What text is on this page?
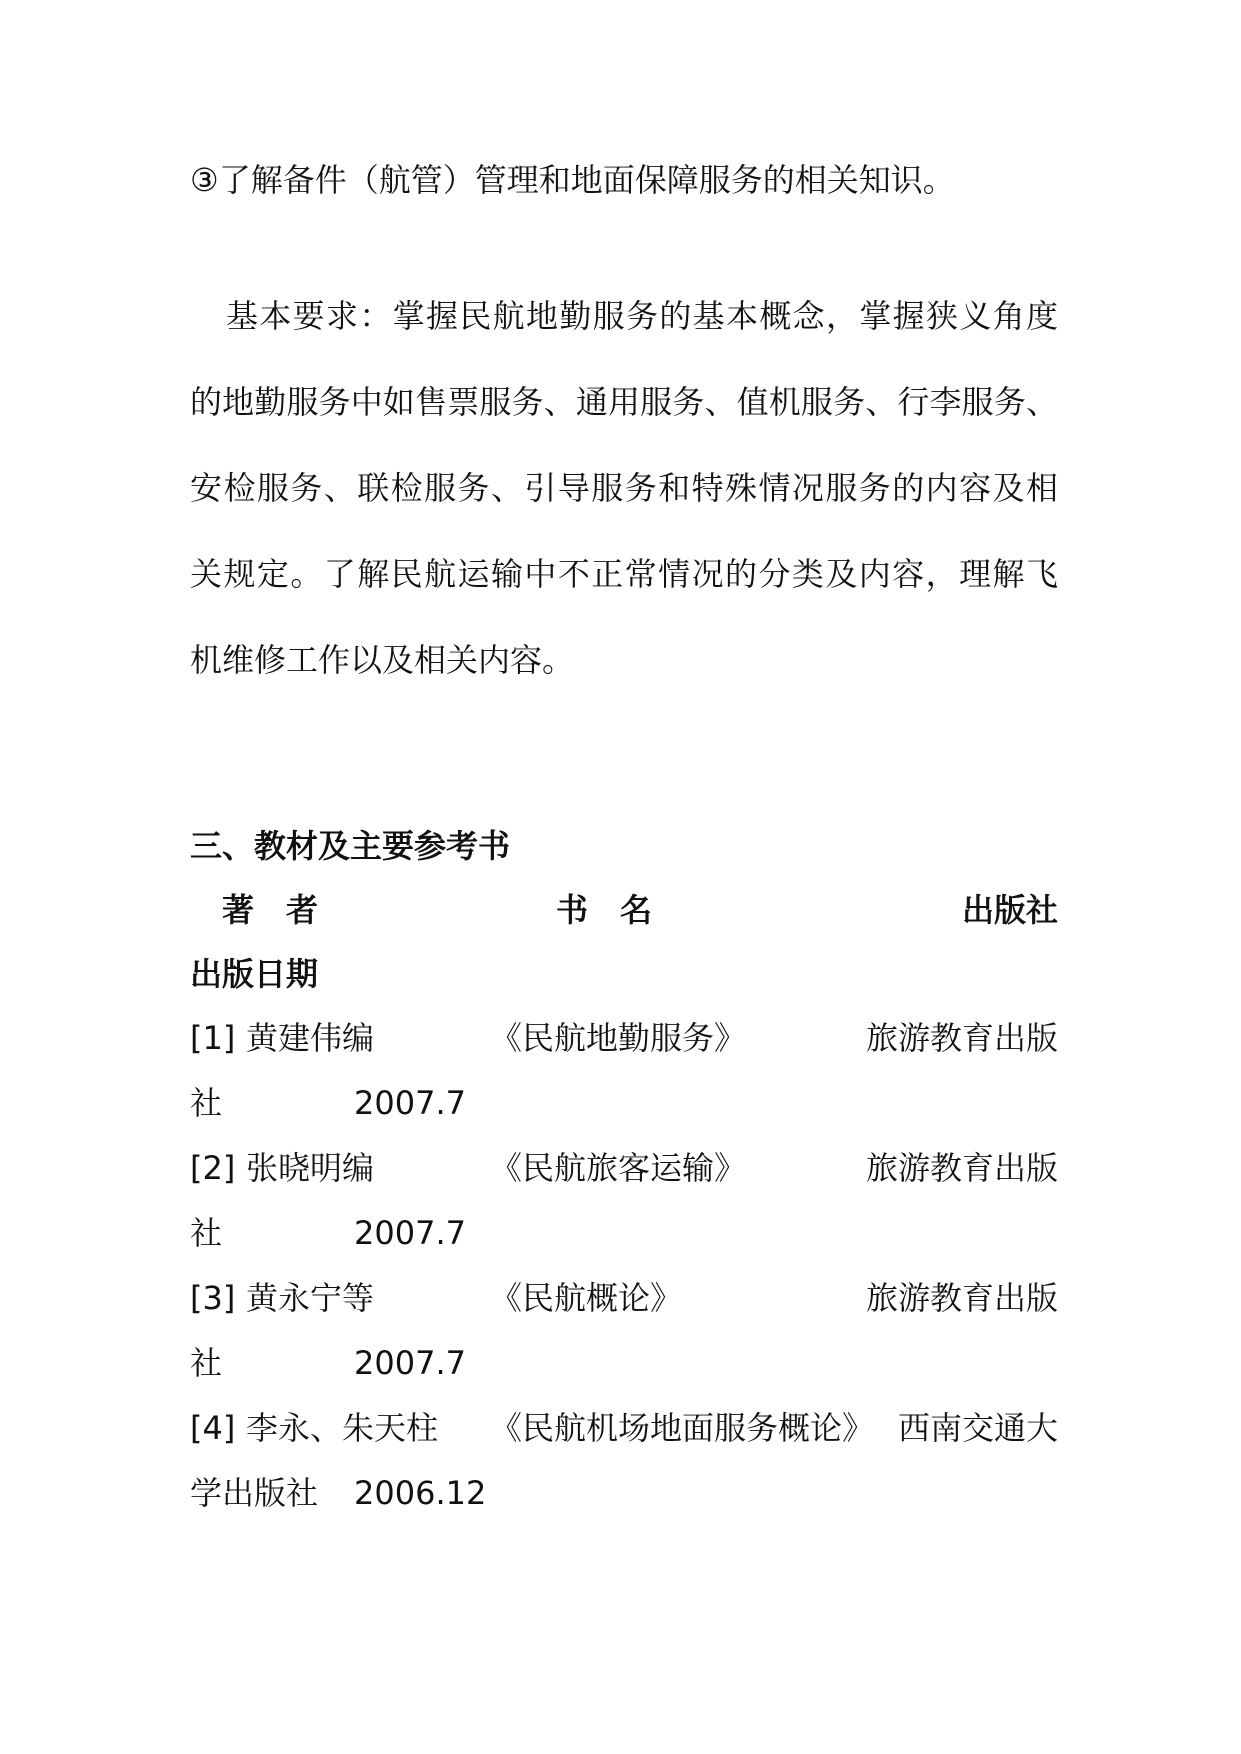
③了解备件（航管）管理和地面保障服务的相关知识。
基本要求：掌握民航地勤服务的基本概念，掌握狭义角度
的地勤服务中如售票服务、通用服务、值机服务、行李服务、
安检服务、联检服务、引导服务和特殊情况服务的内容及相
关规定。了解民航运输中不正常情况的分类及内容，理解飞
机维修工作以及相关内容。
三、教材及主要参考书
著　者	书　名	出版社
出版日期
[1] 黄建伟编	《民航地勤服务》	旅游教育出版
社	2007.7
[2] 张晓明编	《民航旅客运输》	旅游教育出版
社	2007.7
[3] 黄永宁等	《民航概论》	旅游教育出版
社	2007.7
[4] 李永、朱天柱 《民航机场地面服务概论》 西南交通大
学出版社 2006.12
